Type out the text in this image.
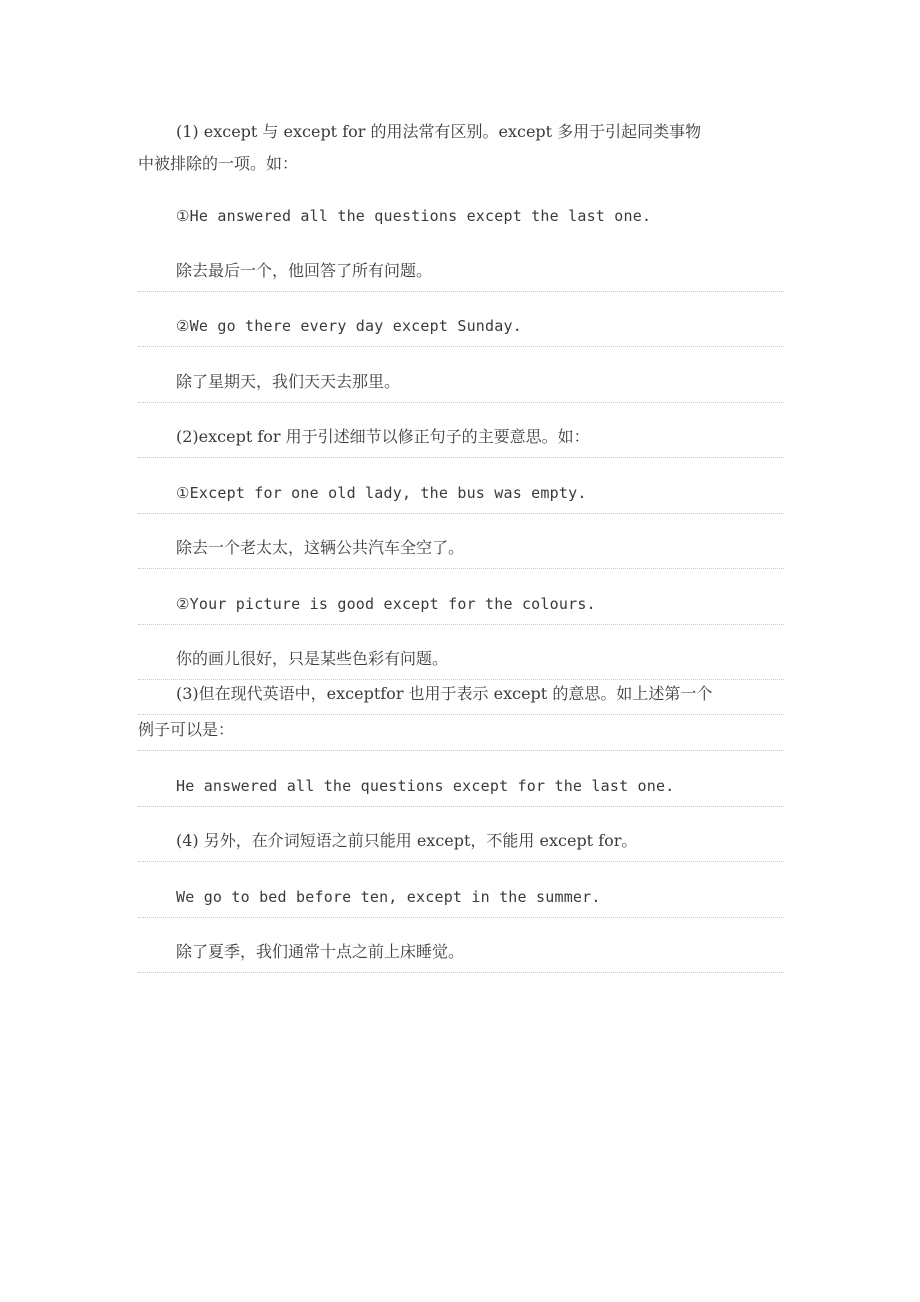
(1) except 与 except for 的用法常有区别。except 多用于引起同类事物
中被排除的一项。如：
①He answered all the questions except the last one.
除去最后一个，他回答了所有问题。
②We go there every day except Sunday.
除了星期天，我们天天去那里。
(2)except for 用于引述细节以修正句子的主要意思。如：
①Except for one old lady, the bus was empty.
除去一个老太太，这辆公共汽车全空了。
②Your picture is good except for the colours.
你的画儿很好，只是某些色彩有问题。
(3)但在现代英语中，exceptfor 也用于表示 except 的意思。如上述第一个
例子可以是：
He answered all the questions except for the last one.
(4) 另外，在介词短语之前只能用 except，不能用 except for。
We go to bed before ten, except in the summer.
除了夏季，我们通常十点之前上床睡觉。
